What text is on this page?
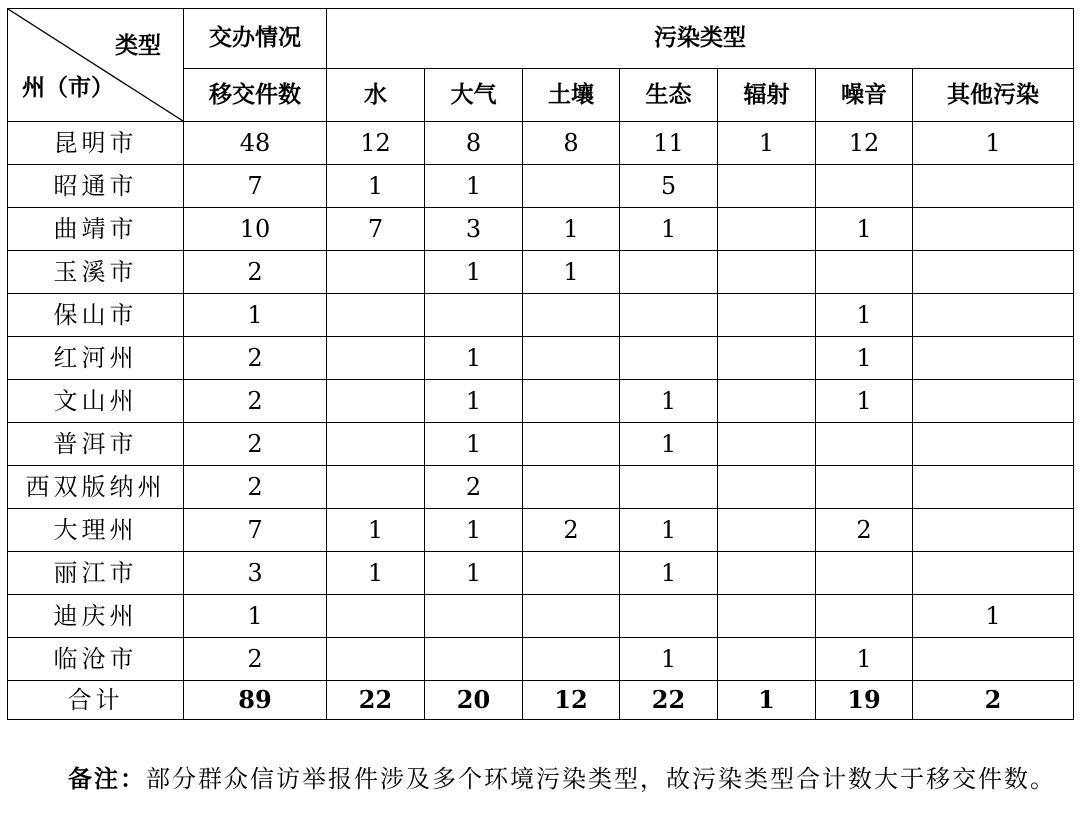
类型
州（市）	交办情况	污染类型						
	移交件数	水	大气	土壤	生态	辐射	噪音	其他污染
昆明市	48	12	8	8	11	1	12	1
昭通市	7	1	1		5			
曲靖市	10	7	3	1	1		1	
玉溪市	2		1	1				
保山市	1						1	
红河州	2		1				1	
文山州	2		1		1		1	
普洱市	2		1		1			
西双版纳州	2		2					
大理州	7	1	1	2	1		2	
丽江市	3	1	1		1			
迪庆州	1							1
临沧市	2				1		1	
合计	89	22	20	12	22	1	19	2
备注：部分群众信访举报件涉及多个环境污染类型，故污染类型合计数大于移交件数。
